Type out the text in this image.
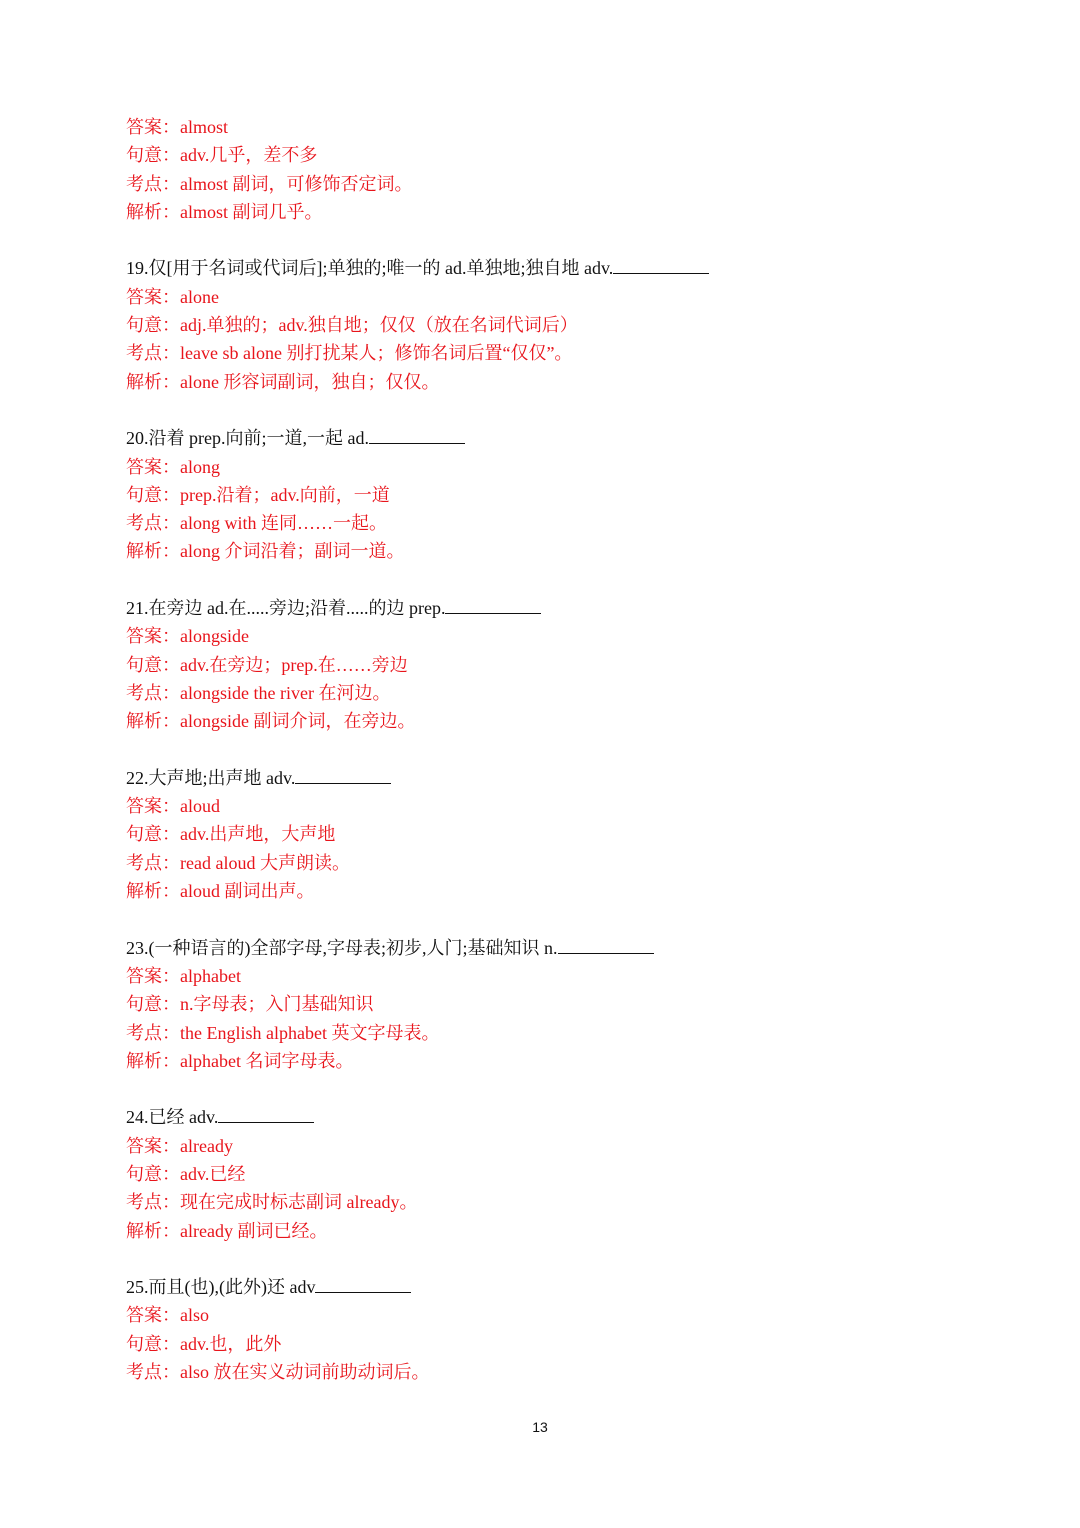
答案：almost
句意：adv.几乎，差不多
考点：almost 副词，可修饰否定词。
解析：almost 副词几乎。
19.仅[用于名词或代词后];单独的;唯一的 ad.单独地;独自地 adv.
答案：alone
句意：adj.单独的；adv.独自地；仅仅（放在名词代词后）
考点：leave sb alone 别打扰某人；修饰名词后置“仅仅”。
解析：alone 形容词副词，独自；仅仅。
20.沿着 prep.向前;一道,一起 ad.
答案：along
句意：prep.沿着；adv.向前，一道
考点：along with 连同……一起。
解析：along 介词沿着；副词一道。
21.在旁边 ad.在.....旁边;沿着.....的边 prep.
答案：alongside
句意：adv.在旁边；prep.在……旁边
考点：alongside the river 在河边。
解析：alongside 副词介词，在旁边。
22.大声地;出声地 adv.
答案：aloud
句意：adv.出声地，大声地
考点：read aloud 大声朗读。
解析：aloud 副词出声。
23.(一种语言的)全部字母,字母表;初步,人门;基础知识 n.
答案：alphabet
句意：n.字母表；入门基础知识
考点：the English alphabet 英文字母表。
解析：alphabet 名词字母表。
24.已经 adv.
答案：already
句意：adv.已经
考点：现在完成时标志副词 already。
解析：already 副词已经。
25.而且(也),(此外)还 adv
答案：also
句意：adv.也，此外
考点：also 放在实义动词前助动词后。
13
